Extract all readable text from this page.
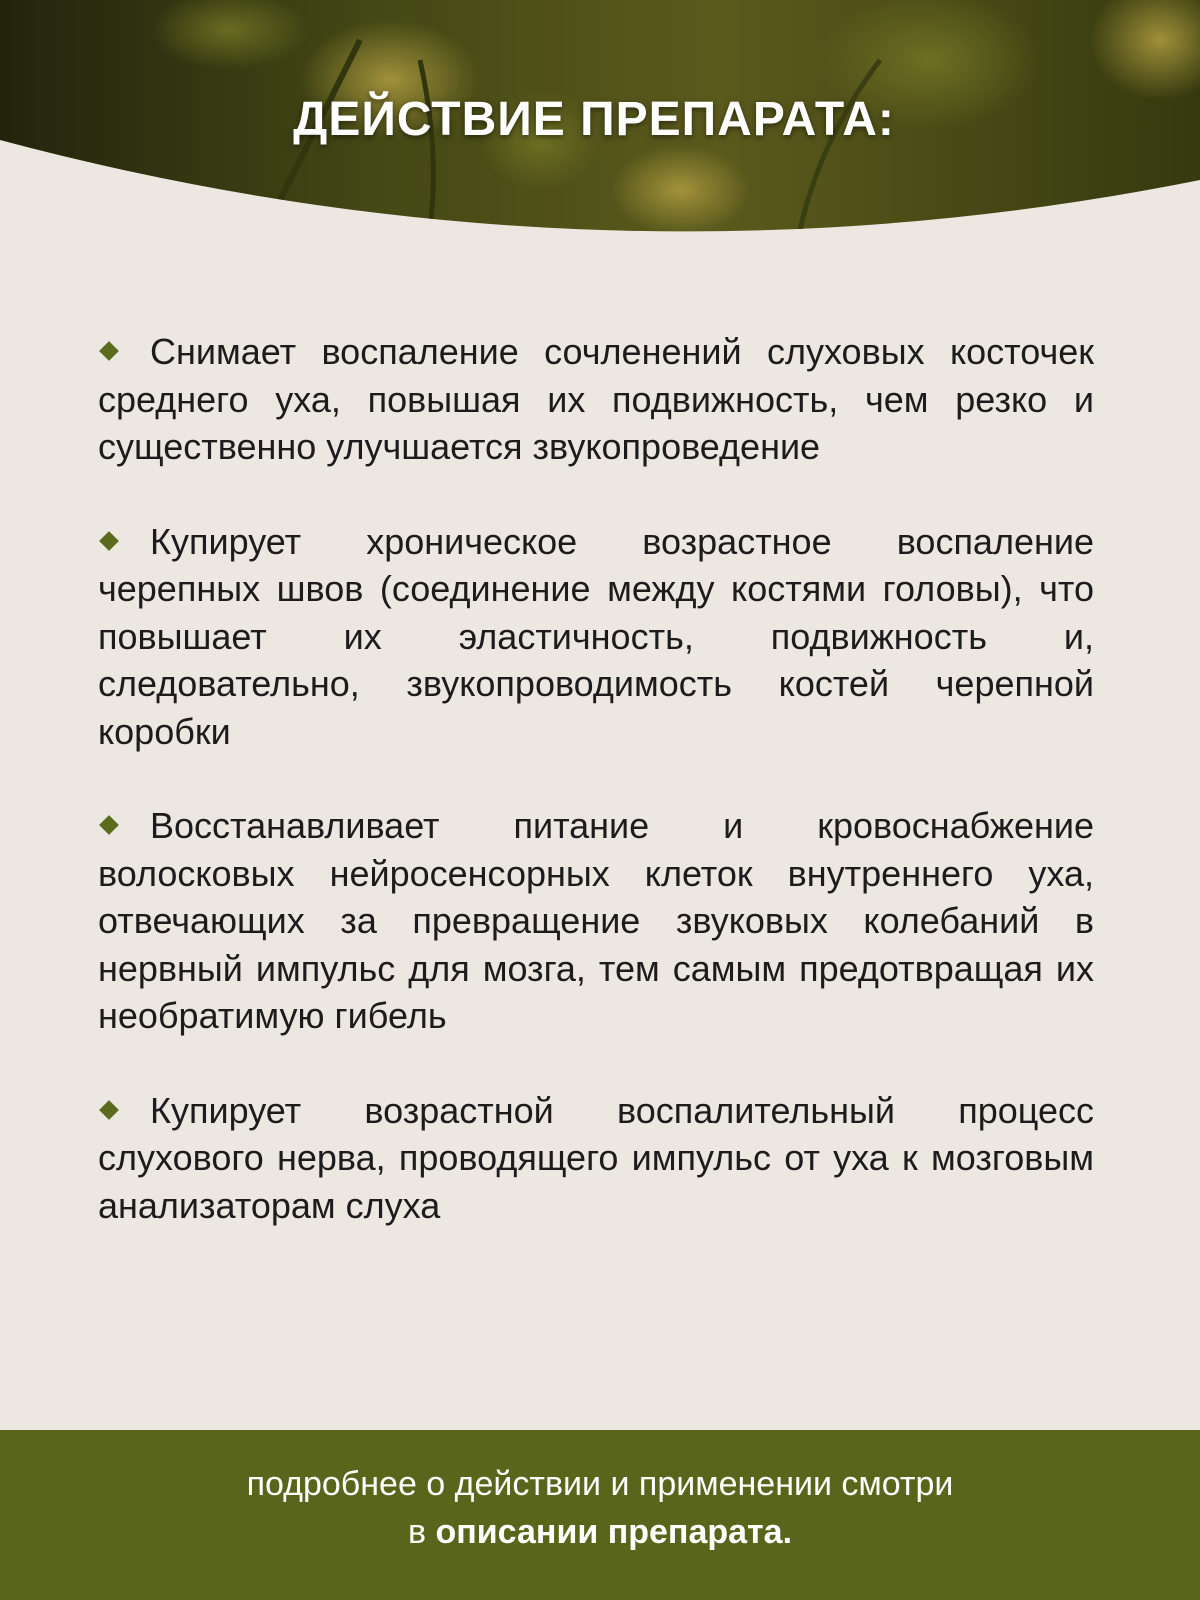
ДЕЙСТВИЕ ПРЕПАРАТА:

Снимает воспаление сочленений слуховых косточек среднего уха, повышая их подвижность, чем резко и существенно улучшается звукопроведение

Купирует хроническое возрастное воспаление черепных швов (соединение между костями головы), что повышает их эластичность, подвижность и, следовательно, звукопроводимость костей черепной коробки

Восстанавливает питание и кровоснабжение волосковых нейросенсорных клеток внутреннего уха, отвечающих за превращение звуковых колебаний в нервный импульс для мозга, тем самым предотвращая их необратимую гибель

Купирует возрастной воспалительный процесс слухового нерва, проводящего импульс от уха к мозговым анализаторам слуха

подробнее о действии и применении смотри
в описании препарата.
